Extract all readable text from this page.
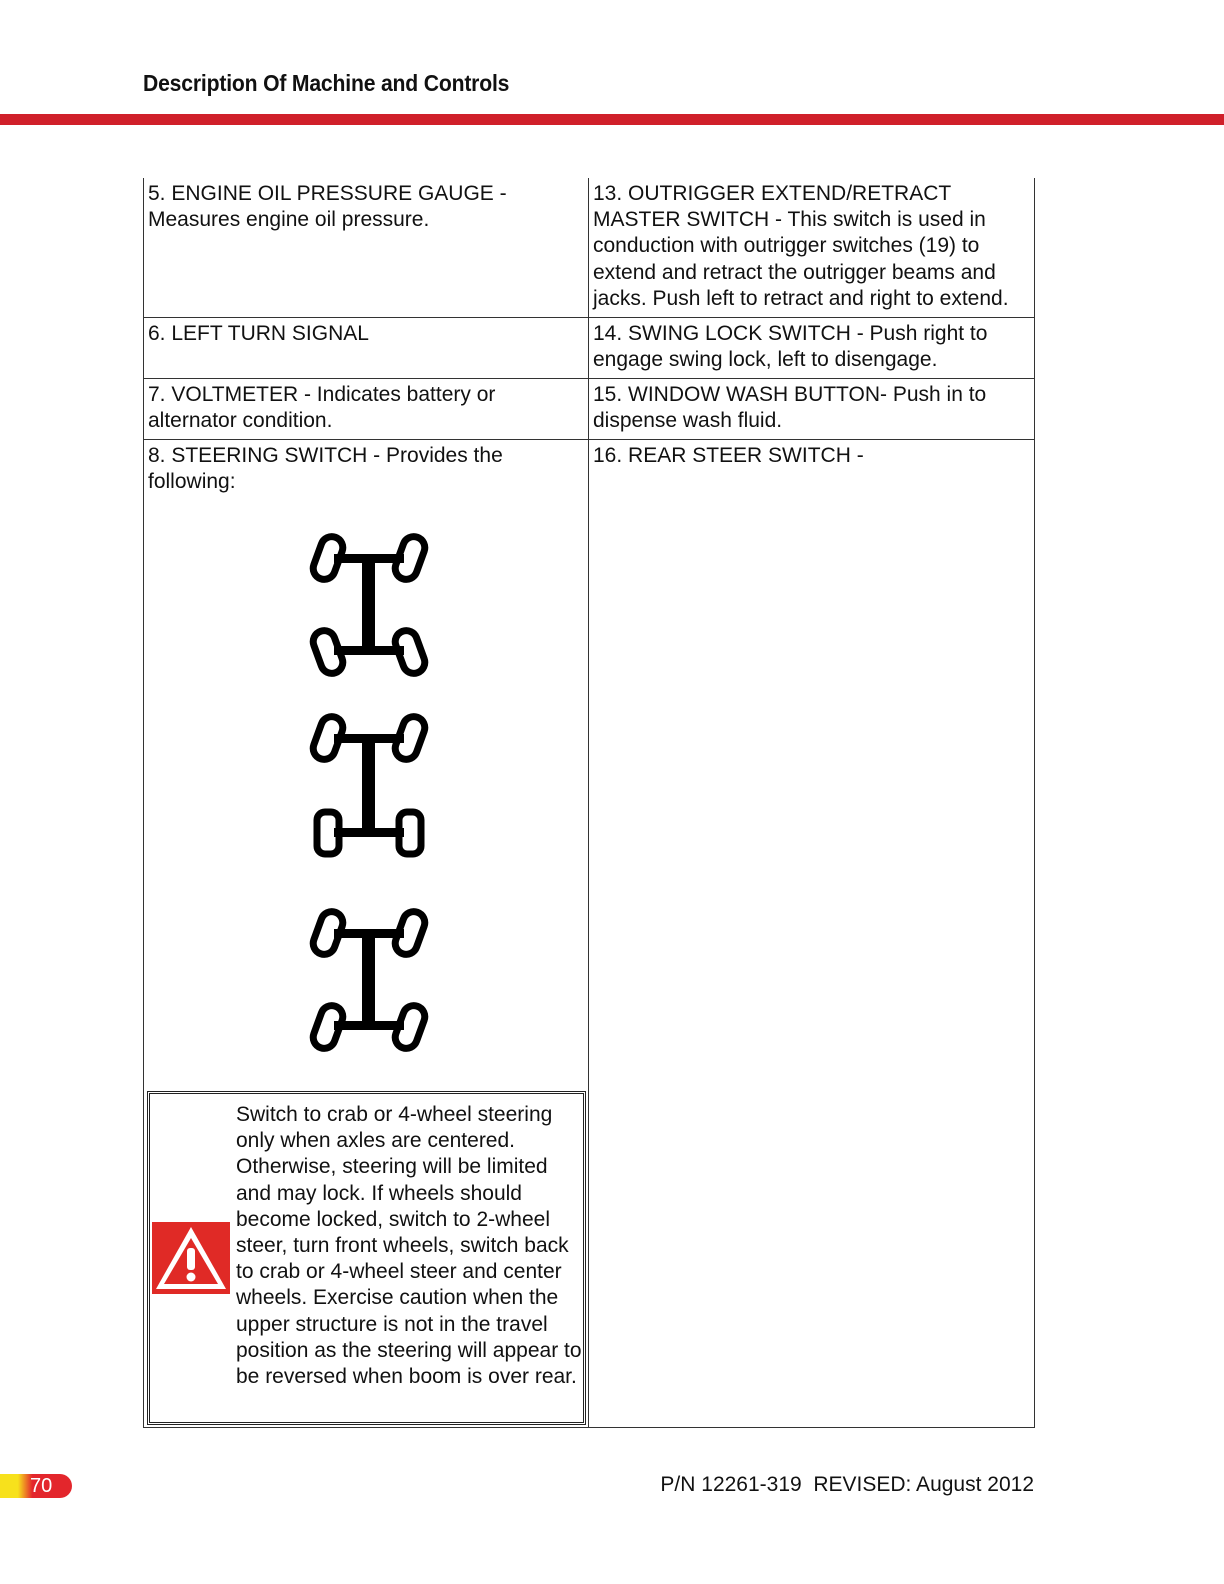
Description Of Machine and Controls
5. ENGINE OIL PRESSURE GAUGE - Measures engine oil pressure.
13. OUTRIGGER EXTEND/RETRACT MASTER SWITCH - This switch is used in conduction with outrigger switches (19) to extend and retract the outrigger beams and jacks. Push left to retract and right to extend.
6. LEFT TURN SIGNAL	14. SWING LOCK SWITCH - Push right to engage swing lock, left to disengage.
7. VOLTMETER - Indicates battery or alternator condition.
15. WINDOW WASH BUTTON- Push in to dispense wash fluid.
8. STEERING SWITCH - Provides the following:
Switch to crab or 4-wheel steering only when axles are centered. Otherwise, steering will be limited and may lock. If wheels should become locked, switch to 2-wheel steer, turn front wheels, switch back to crab or 4-wheel steer and center wheels. Exercise caution when the upper structure is not in the travel position as the steering will appear to be reversed when boom is over rear.
16. REAR STEER SWITCH -
70	P/N 12261-319  REVISED: August 2012
